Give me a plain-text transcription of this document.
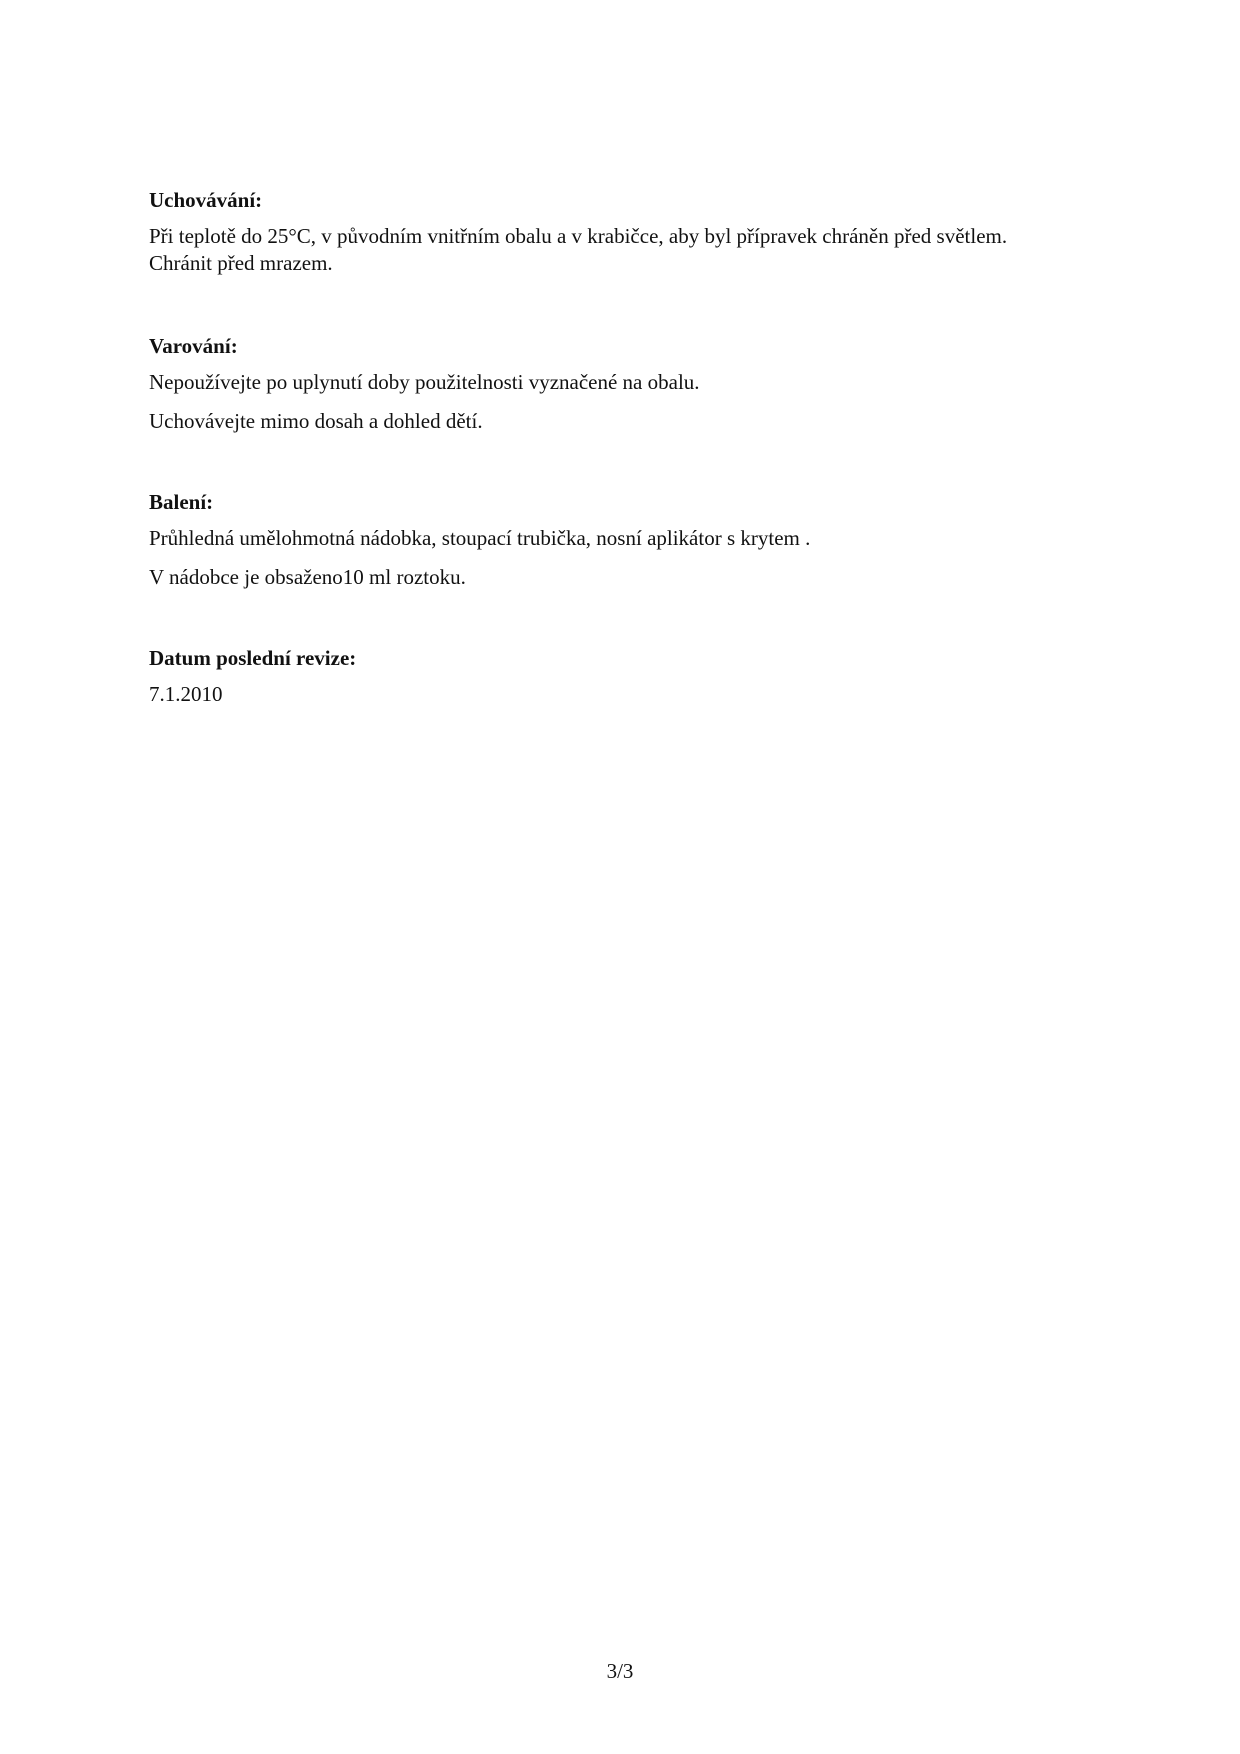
Uchovávání:

Při teplotě do 25°C, v původním vnitřním obalu a v krabičce, aby byl přípravek chráněn před světlem.
Chránit před mrazem.

Varování:

Nepoužívejte po uplynutí doby použitelnosti vyznačené na obalu.

Uchovávejte mimo dosah a dohled dětí.

Balení:

Průhledná umělohmotná nádobka, stoupací trubička, nosní aplikátor s krytem .

V nádobce je obsaženo10 ml roztoku.

Datum poslední revize:

7.1.2010

3/3
